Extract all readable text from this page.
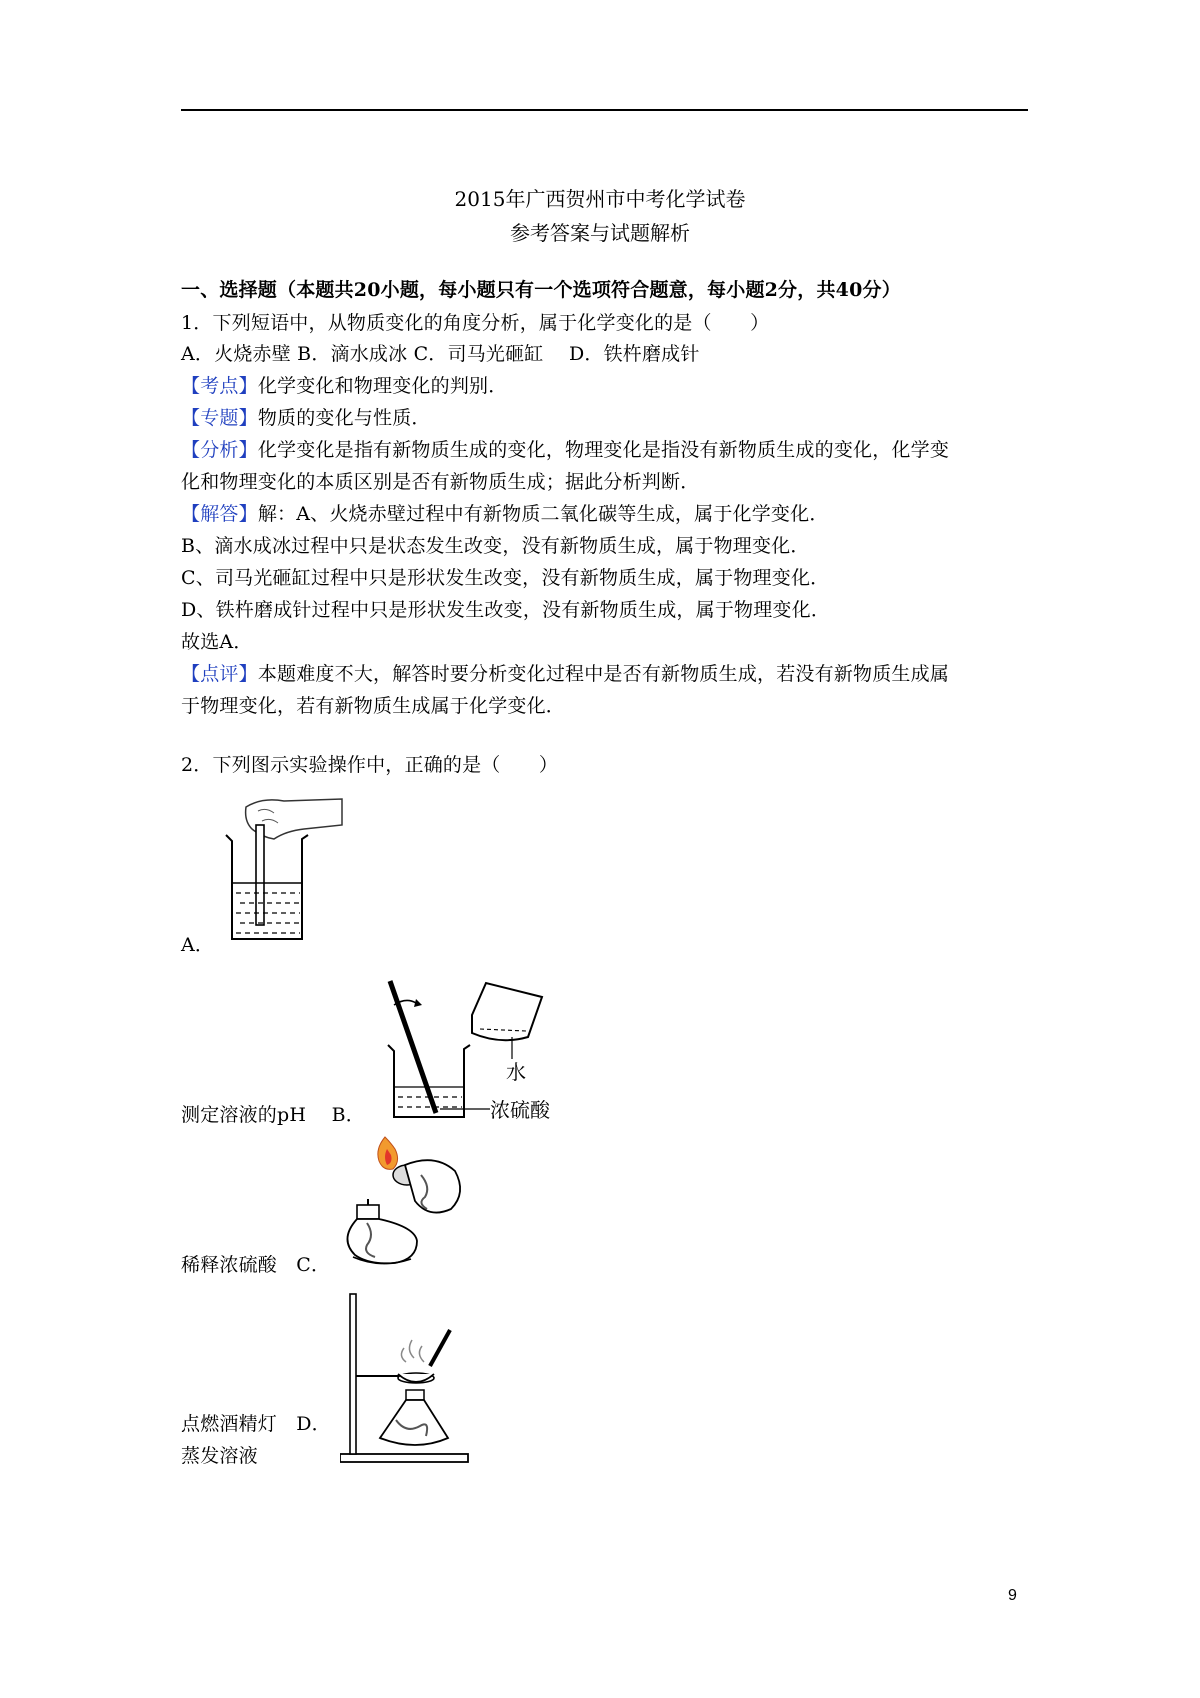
2015年广西贺州市中考化学试卷
参考答案与试题解析
一、选择题（本题共20小题，每小题只有一个选项符合题意，每小题2分，共40分）
1．下列短语中，从物质变化的角度分析，属于化学变化的是（　　）
A．火烧赤壁 B．滴水成冰 C．司马光砸缸　 D．铁杵磨成针
【考点】化学变化和物理变化的判别．
【专题】物质的变化与性质．
【分析】化学变化是指有新物质生成的变化，物理变化是指没有新物质生成的变化，化学变
化和物理变化的本质区别是否有新物质生成；据此分析判断．
【解答】解：A、火烧赤壁过程中有新物质二氧化碳等生成，属于化学变化．
B、滴水成冰过程中只是状态发生改变，没有新物质生成，属于物理变化．
C、司马光砸缸过程中只是形状发生改变，没有新物质生成，属于物理变化．
D、铁杵磨成针过程中只是形状发生改变，没有新物质生成，属于物理变化．
故选A．
【点评】本题难度不大，解答时要分析变化过程中是否有新物质生成，若没有新物质生成属
于物理变化，若有新物质生成属于化学变化．
2．下列图示实验操作中，正确的是（　　）
A．
水
浓硫酸
测定溶液的pH　 B．
稀释浓硫酸　C．
点燃酒精灯　D．
蒸发溶液
9
